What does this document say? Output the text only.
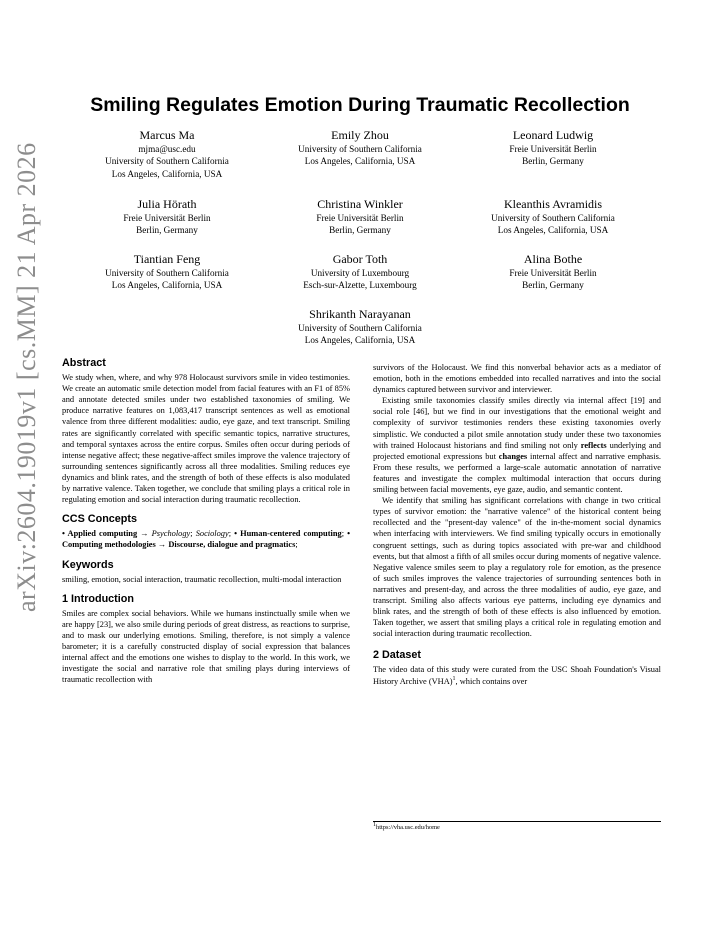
arXiv:2604.19019v1 [cs.MM] 21 Apr 2026
Smiling Regulates Emotion During Traumatic Recollection
Marcus Ma
mjma@usc.edu
University of Southern California
Los Angeles, California, USA
Emily Zhou
University of Southern California
Los Angeles, California, USA
Leonard Ludwig
Freie Universität Berlin
Berlin, Germany
Julia Hörath
Freie Universität Berlin
Berlin, Germany
Christina Winkler
Freie Universität Berlin
Berlin, Germany
Kleanthis Avramidis
University of Southern California
Los Angeles, California, USA
Tiantian Feng
University of Southern California
Los Angeles, California, USA
Gabor Toth
University of Luxembourg
Esch-sur-Alzette, Luxembourg
Alina Bothe
Freie Universität Berlin
Berlin, Germany
Shrikanth Narayanan
University of Southern California
Los Angeles, California, USA
Abstract

We study when, where, and why 978 Holocaust survivors smile in video testimonies. We create an automatic smile detection model from facial features with an F1 of 85% and annotate detected smiles under two established taxonomies of smiling. We produce narrative features on 1,083,417 transcript sentences as well as emotional valence from three different modalities: audio, eye gaze, and text transcript. Smiling rates are significantly correlated with specific semantic topics, narrative structures, and temporal syntaxes across the entire corpus. Smiles often occur during periods of intense negative affect; these negative-affect smiles improve the valence trajectory of surrounding sentences significantly across all three modalities. Smiling reduces eye dynamics and blink rates, and the strength of both of these effects is also modulated by narrative valence. Taken together, we conclude that smiling plays a critical role in regulating emotion and social interaction during traumatic recollection.

CCS Concepts

• Applied computing → Psychology; Sociology; • Human-centered computing; • Computing methodologies → Discourse, dialogue and pragmatics;

Keywords

smiling, emotion, social interaction, traumatic recollection, multi-modal interaction

1 Introduction

Smiles are complex social behaviors. While we humans instinctually smile when we are happy [23], we also smile during periods of great distress, as reactions to surprise, and to mask our underlying emotions. Smiling, therefore, is not simply a valence barometer; it is a carefully constructed display of social expression that balances internal affect and the emotions one wishes to display to the world. In this work, we investigate the social and narrative role that smiling plays during interviews of traumatic recollection with

survivors of the Holocaust. We find this nonverbal behavior acts as a mediator of emotion, both in the emotions embedded into recalled narratives and into the social dynamics captured between survivor and interviewer.

Existing smile taxonomies classify smiles directly via internal affect [19] and social role [46], but we find in our investigations that the emotional weight and complexity of survivor testimonies renders these existing taxonomies overly simplistic. We conducted a pilot smile annotation study under these two taxonomies with trained Holocaust historians and find smiling not only reflects underlying and projected emotional expressions but changes internal affect and narrative emphasis. From these results, we performed a large-scale automatic annotation of narrative features and investigate the complex multimodal interaction that occurs during smiling between facial movements, eye gaze, audio, and semantic content.

We identify that smiling has significant correlations with change in two critical types of survivor emotion: the "narrative valence" of the historical content being recollected and the "present-day valence" of the in-the-moment social dynamics when interfacing with interviewers. We find smiling typically occurs in emotionally congruent settings, such as during topics associated with pre-war and childhood events, but that almost a fifth of all smiles occur during moments of negative valence. Negative valence smiles seem to play a regulatory role for emotion, as the presence of such smiles improves the valence trajectories of surrounding sentences both in narratives and present-day, and across the three modalities of audio, eye gaze, and transcript. Smiling also affects various eye patterns, including eye dynamics and blink rates, and the strength of both of these effects is also influenced by emotion. Taken together, we assert that smiling plays a critical role in regulating emotion and social interaction during traumatic recollection.

2 Dataset

The video data of this study were curated from the USC Shoah Foundation's Visual History Archive (VHA)$^1$, which contains over

$^1$https://vha.usc.edu/home
